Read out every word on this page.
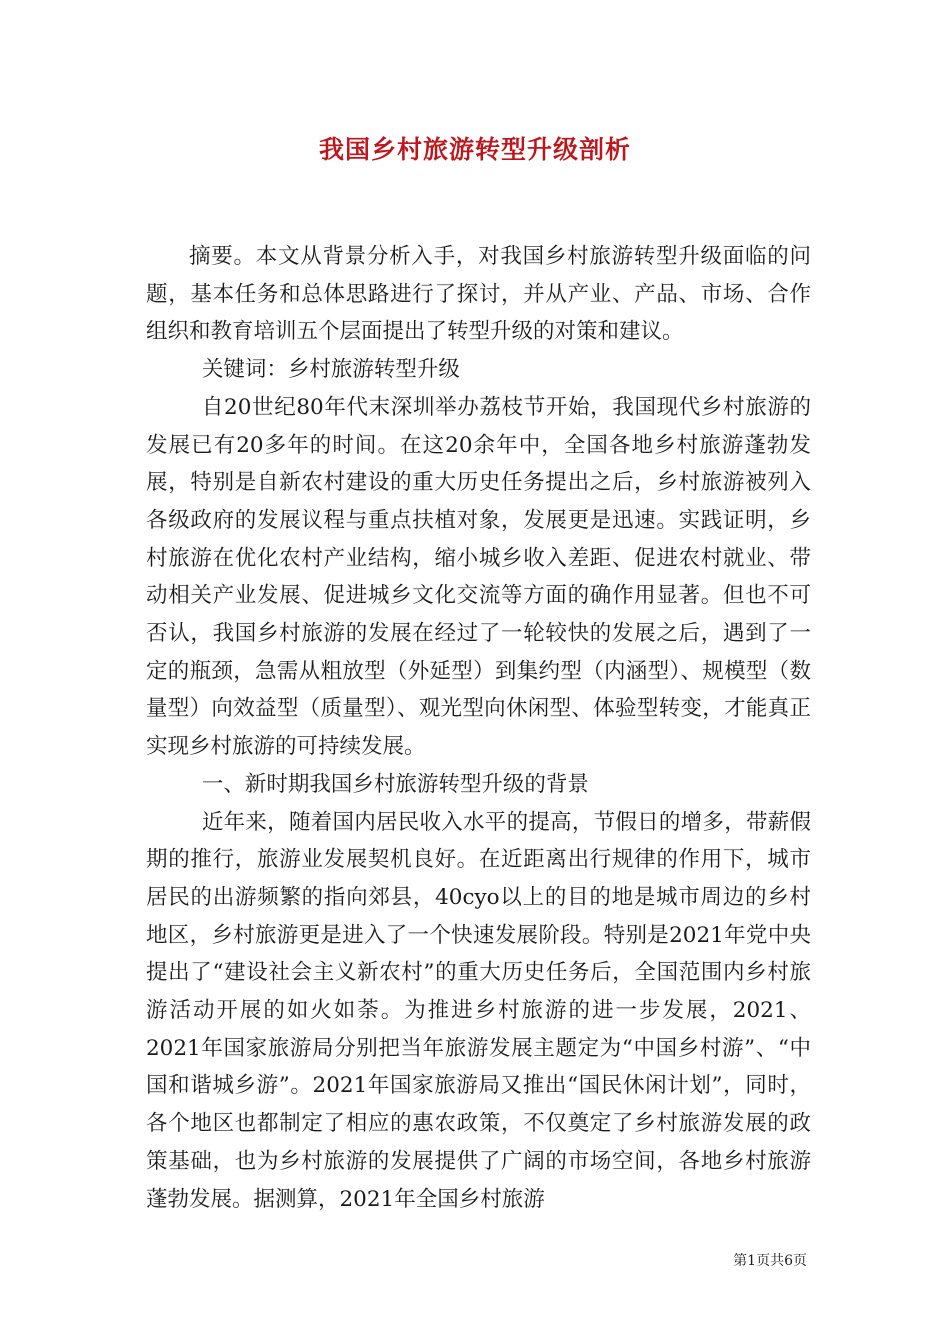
我国乡村旅游转型升级剖析

摘要。本文从背景分析入手，对我国乡村旅游转型升级面临的问题，基本任务和总体思路进行了探讨，并从产业、产品、市场、合作组织和教育培训五个层面提出了转型升级的对策和建议。

关键词：乡村旅游转型升级

自20世纪80年代末深圳举办荔枝节开始，我国现代乡村旅游的发展已有20多年的时间。在这20余年中，全国各地乡村旅游蓬勃发展，特别是自新农村建设的重大历史任务提出之后，乡村旅游被列入各级政府的发展议程与重点扶植对象，发展更是迅速。实践证明，乡村旅游在优化农村产业结构，缩小城乡收入差距、促进农村就业、带动相关产业发展、促进城乡文化交流等方面的确作用显著。但也不可否认，我国乡村旅游的发展在经过了一轮较快的发展之后，遇到了一定的瓶颈，急需从粗放型（外延型）到集约型（内涵型）、规模型（数量型）向效益型（质量型）、观光型向休闲型、体验型转变，才能真正实现乡村旅游的可持续发展。

一、新时期我国乡村旅游转型升级的背景

近年来，随着国内居民收入水平的提高，节假日的增多，带薪假期的推行，旅游业发展契机良好。在近距离出行规律的作用下，城市居民的出游频繁的指向郊县，40cyo以上的目的地是城市周边的乡村地区，乡村旅游更是进入了一个快速发展阶段。特别是2021年党中央提出了“建设社会主义新农村”的重大历史任务后，全国范围内乡村旅游活动开展的如火如荼。为推进乡村旅游的进一步发展，2021、2021年国家旅游局分别把当年旅游发展主题定为“中国乡村游”、“中国和谐城乡游”。2021年国家旅游局又推出“国民休闲计划”，同时，各个地区也都制定了相应的惠农政策，不仅奠定了乡村旅游发展的政策基础，也为乡村旅游的发展提供了广阔的市场空间，各地乡村旅游蓬勃发展。据测算，2021年全国乡村旅游

第1页共6页
